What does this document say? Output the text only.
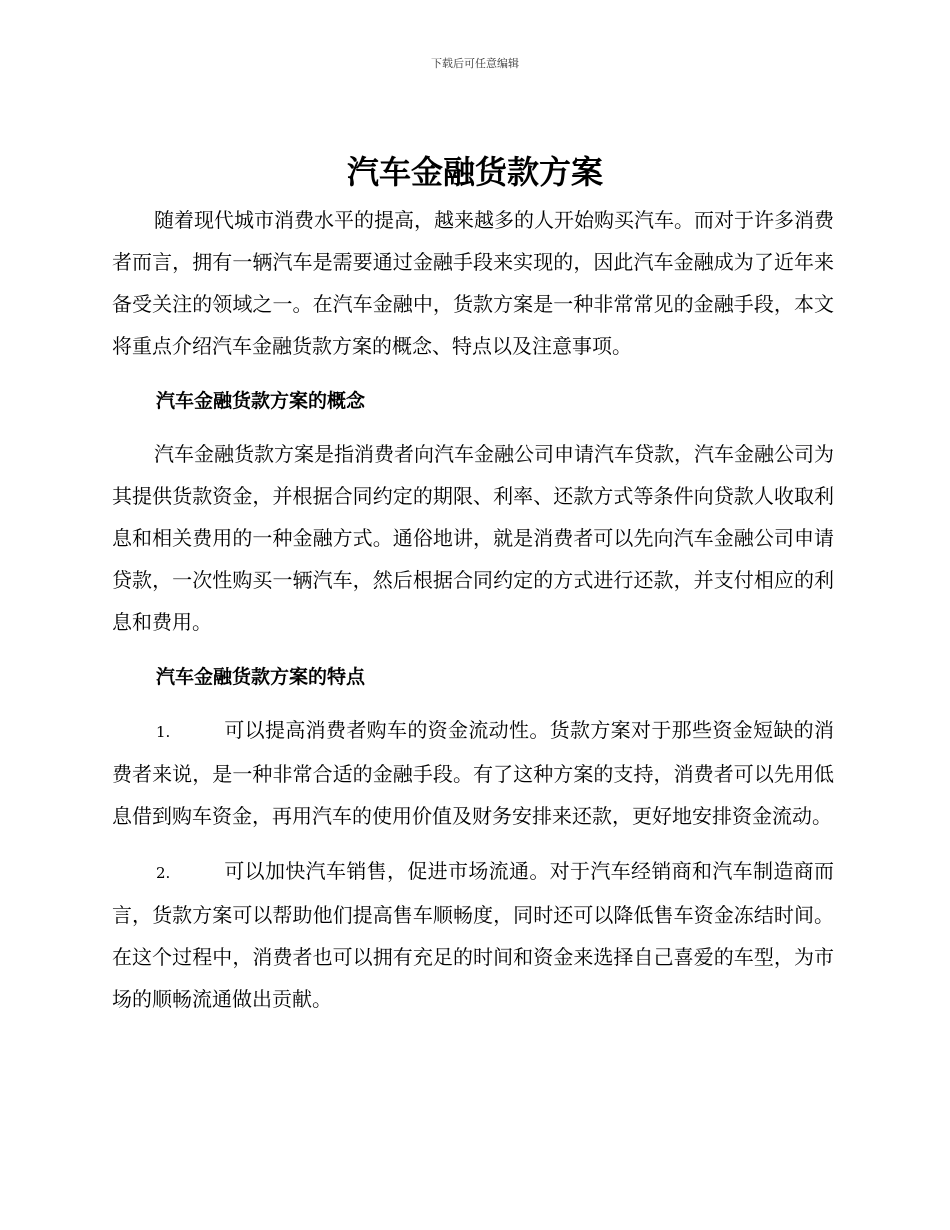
下载后可任意编辑
汽车金融货款方案

随着现代城市消费水平的提高，越来越多的人开始购买汽车。而对于许多消费者而言，拥有一辆汽车是需要通过金融手段来实现的，因此汽车金融成为了近年来备受关注的领域之一。在汽车金融中，货款方案是一种非常常见的金融手段，本文将重点介绍汽车金融货款方案的概念、特点以及注意事项。

汽车金融货款方案的概念

汽车金融货款方案是指消费者向汽车金融公司申请汽车贷款，汽车金融公司为其提供货款资金，并根据合同约定的期限、利率、还款方式等条件向贷款人收取利息和相关费用的一种金融方式。通俗地讲，就是消费者可以先向汽车金融公司申请贷款，一次性购买一辆汽车，然后根据合同约定的方式进行还款，并支付相应的利息和费用。

汽车金融货款方案的特点

1.	可以提高消费者购车的资金流动性。货款方案对于那些资金短缺的消费者来说，是一种非常合适的金融手段。有了这种方案的支持，消费者可以先用低息借到购车资金，再用汽车的使用价值及财务安排来还款，更好地安排资金流动。

2.	可以加快汽车销售，促进市场流通。对于汽车经销商和汽车制造商而言，货款方案可以帮助他们提高售车顺畅度，同时还可以降低售车资金冻结时间。在这个过程中，消费者也可以拥有充足的时间和资金来选择自己喜爱的车型，为市场的顺畅流通做出贡献。
